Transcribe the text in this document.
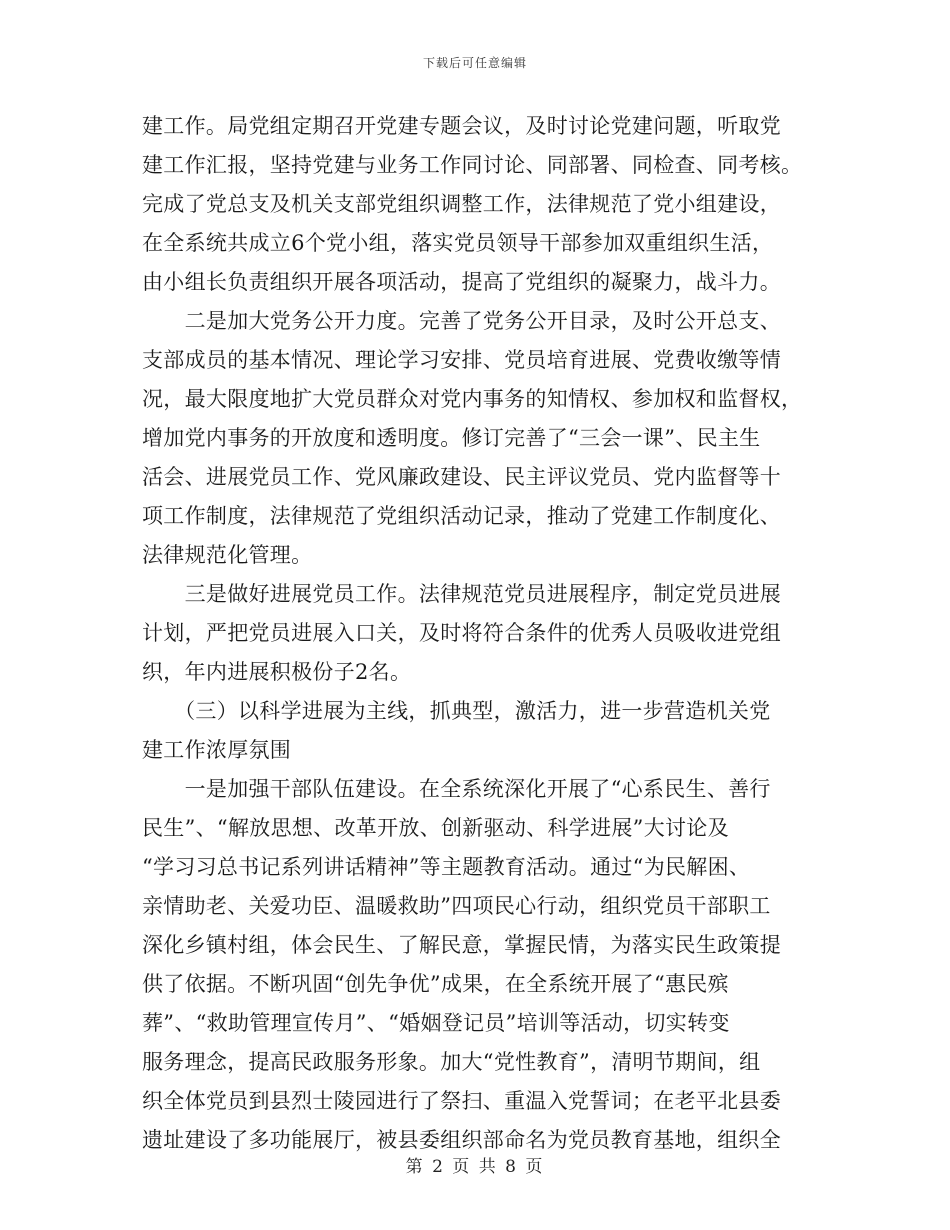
下载后可任意编辑
建工作。局党组定期召开党建专题会议，及时讨论党建问题，听取党
建工作汇报，坚持党建与业务工作同讨论、同部署、同检查、同考核。
完成了党总支及机关支部党组织调整工作，法律规范了党小组建设，
在全系统共成立6个党小组，落实党员领导干部参加双重组织生活，
由小组长负责组织开展各项活动，提高了党组织的凝聚力，战斗力。
　　二是加大党务公开力度。完善了党务公开目录，及时公开总支、
支部成员的基本情况、理论学习安排、党员培育进展、党费收缴等情
况，最大限度地扩大党员群众对党内事务的知情权、参加权和监督权，
增加党内事务的开放度和透明度。修订完善了“三会一课”、民主生
活会、进展党员工作、党风廉政建设、民主评议党员、党内监督等十
项工作制度，法律规范了党组织活动记录，推动了党建工作制度化、
法律规范化管理。
　　三是做好进展党员工作。法律规范党员进展程序，制定党员进展
计划，严把党员进展入口关，及时将符合条件的优秀人员吸收进党组
织，年内进展积极份子2名。
　　（三）以科学进展为主线，抓典型，激活力，进一步营造机关党
建工作浓厚氛围
　　一是加强干部队伍建设。在全系统深化开展了“心系民生、善行
民生”、“解放思想、改革开放、创新驱动、科学进展”大讨论及
“学习习总书记系列讲话精神”等主题教育活动。通过“为民解困、
亲情助老、关爱功臣、温暖救助”四项民心行动，组织党员干部职工
深化乡镇村组，体会民生、了解民意，掌握民情，为落实民生政策提
供了依据。不断巩固“创先争优”成果，在全系统开展了“惠民殡
葬”、“救助管理宣传月”、“婚姻登记员”培训等活动，切实转变
服务理念，提高民政服务形象。加大“党性教育”，清明节期间，组
织全体党员到县烈士陵园进行了祭扫、重温入党誓词；在老平北县委
遗址建设了多功能展厅，被县委组织部命名为党员教育基地，组织全
第 2 页 共 8 页
